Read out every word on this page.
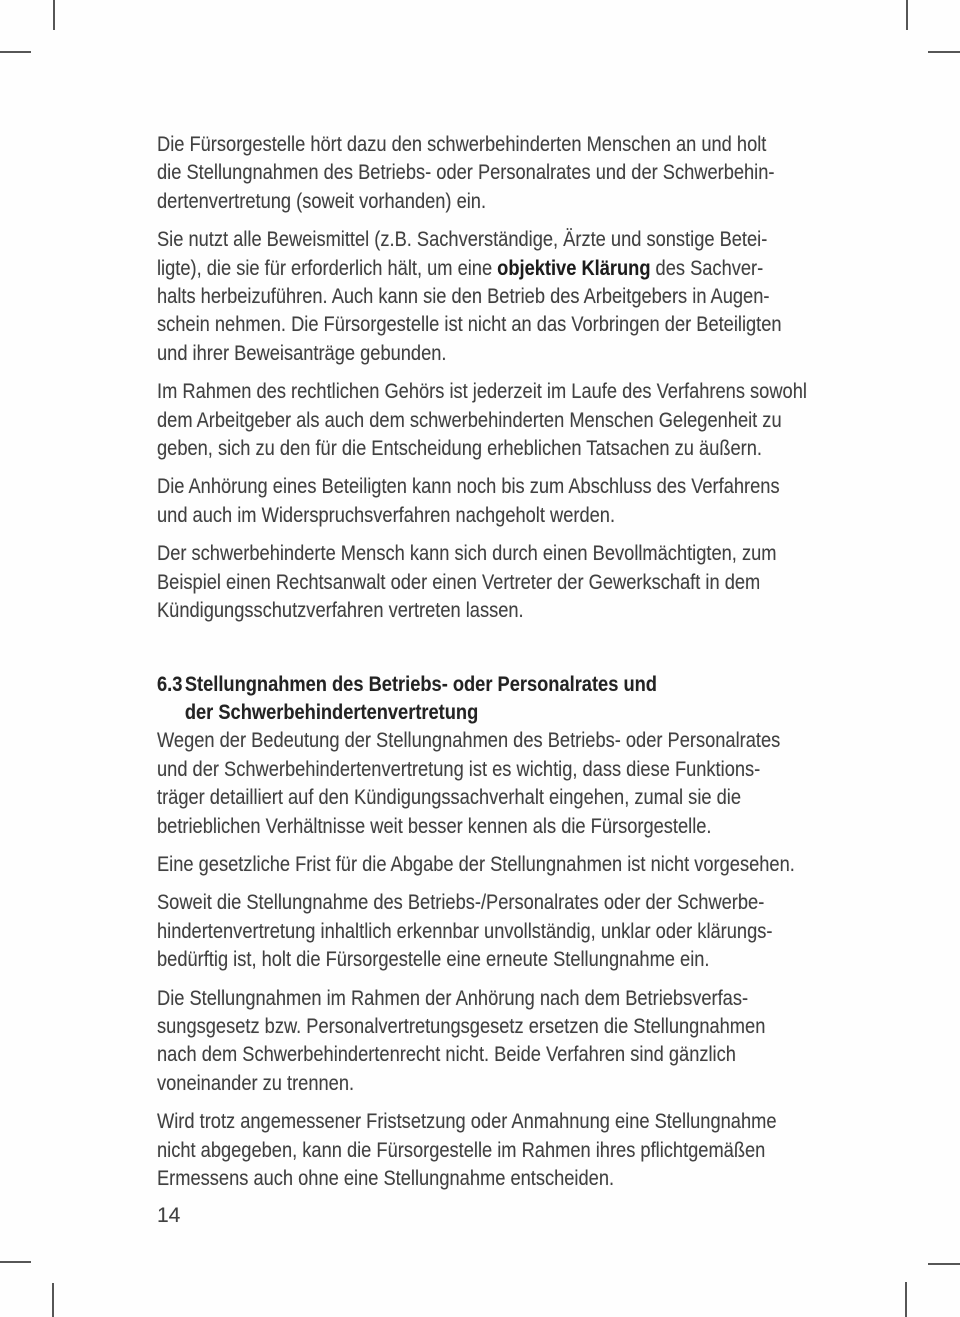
Die Fürsorgestelle hört dazu den schwerbehinderten Menschen an und holt
die Stellungnahmen des Betriebs- oder Personalrates und der Schwerbehin-
dertenvertretung (soweit vorhanden) ein.
Sie nutzt alle Beweismittel (z.B. Sachverständige, Ärzte und sonstige Betei-
ligte), die sie für erforderlich hält, um eine objektive Klärung des Sachver-
halts herbeizuführen. Auch kann sie den Betrieb des Arbeitgebers in Augen-
schein nehmen. Die Fürsorgestelle ist nicht an das Vorbringen der Beteiligten
und ihrer Beweisanträge gebunden.
Im Rahmen des rechtlichen Gehörs ist jederzeit im Laufe des Verfahrens sowohl
dem Arbeitgeber als auch dem schwerbehinderten Menschen Gelegenheit zu
geben, sich zu den für die Entscheidung erheblichen Tatsachen zu äußern.
Die Anhörung eines Beteiligten kann noch bis zum Abschluss des Verfahrens
und auch im Widerspruchsverfahren nachgeholt werden.
Der schwerbehinderte Mensch kann sich durch einen Bevollmächtigten, zum
Beispiel einen Rechtsanwalt oder einen Vertreter der Gewerkschaft in dem
Kündigungsschutzverfahren vertreten lassen.
6.3 Stellungnahmen des Betriebs- oder Personalrates und
der Schwerbehindertenvertretung
Wegen der Bedeutung der Stellungnahmen des Betriebs- oder Personalrates
und der Schwerbehindertenvertretung ist es wichtig, dass diese Funktions-
träger detailliert auf den Kündigungssachverhalt eingehen, zumal sie die
betrieblichen Verhältnisse weit besser kennen als die Fürsorgestelle.
Eine gesetzliche Frist für die Abgabe der Stellungnahmen ist nicht vorgesehen.
Soweit die Stellungnahme des Betriebs-/Personalrates oder der Schwerbe-
hindertenvertretung inhaltlich erkennbar unvollständig, unklar oder klärungs-
bedürftig ist, holt die Fürsorgestelle eine erneute Stellungnahme ein.
Die Stellungnahmen im Rahmen der Anhörung nach dem Betriebsverfas-
sungsgesetz bzw. Personalvertretungsgesetz ersetzen die Stellungnahmen
nach dem Schwerbehindertenrecht nicht. Beide Verfahren sind gänzlich
voneinander zu trennen.
Wird trotz angemessener Fristsetzung oder Anmahnung eine Stellungnahme
nicht abgegeben, kann die Fürsorgestelle im Rahmen ihres pflichtgemäßen
Ermessens auch ohne eine Stellungnahme entscheiden.
14
